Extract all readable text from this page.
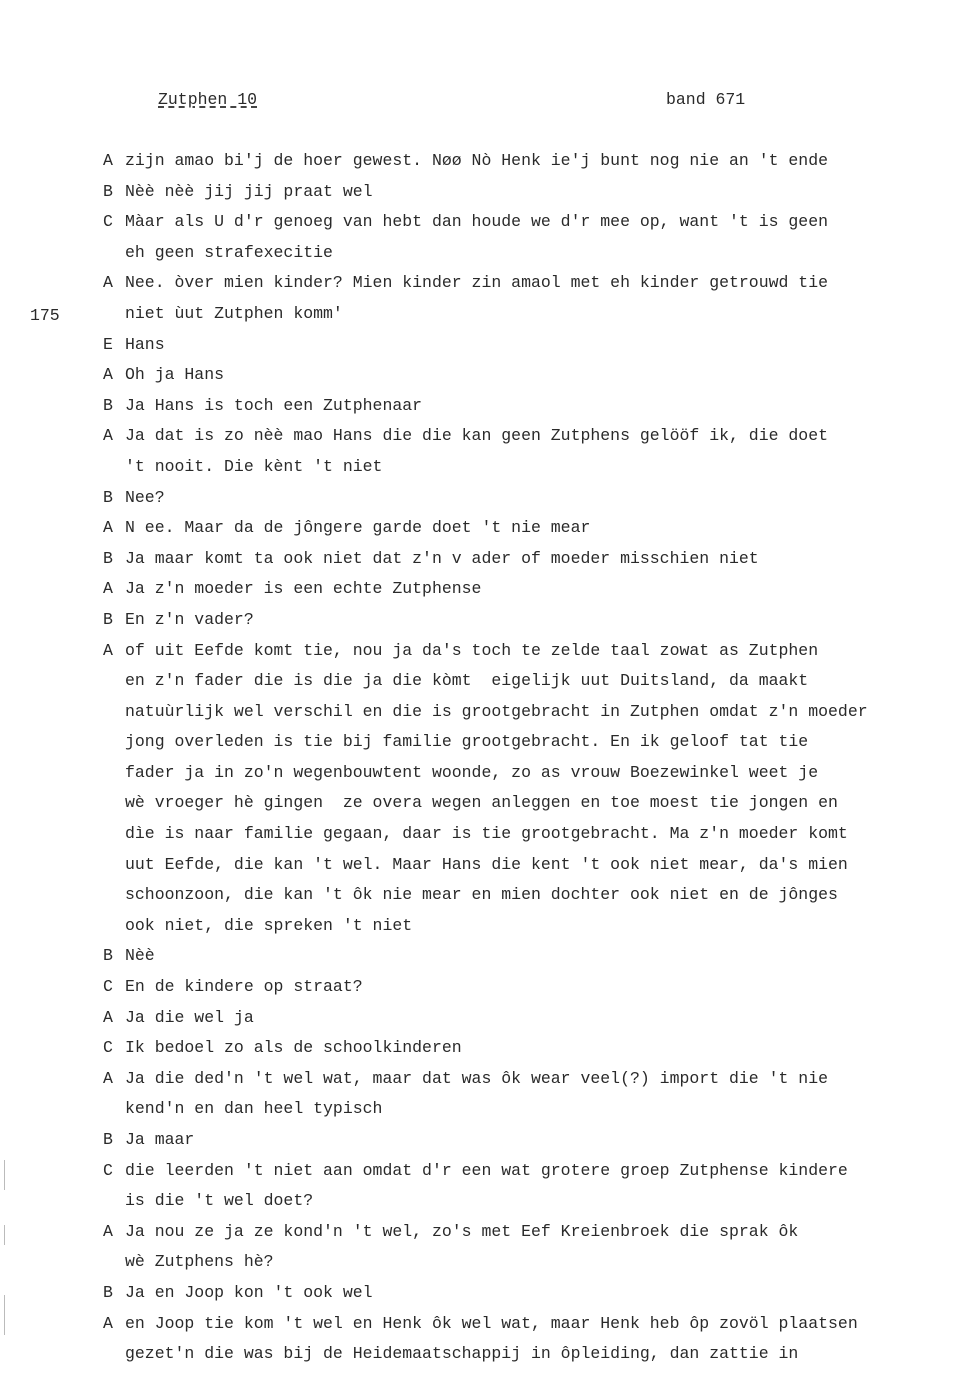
Zutphen 10	band 671
175
A zijn amao bi'j de hoer gewest. Nøø Nò Henk ie'j bunt nog nie an 't ende
B Nèè nèè jij jij praat wel
C Màar als U d'r genoeg van hebt dan houde we d'r mee op, want 't is geen
eh geen strafexecitie
A Nee. òver mien kinder? Mien kinder zin amaol met eh kinder getrouwd tie
niet ùut Zutphen komm'
E Hans
A Oh ja Hans
B Ja Hans is toch een Zutphenaar
A Ja dat is zo nèè mao Hans die die kan geen Zutphens gelööf ik, die doet
't nooit. Die kènt 't niet
B Nee?
A N ee. Maar da de jôngere garde doet 't nie mear
B Ja maar komt ta ook niet dat z'n v ader of moeder misschien niet
A Ja z'n moeder is een echte Zutphense
B En z'n vader?
A of uit Eefde komt tie, nou ja da's toch te zelde taal zowat as Zutphen
en z'n fader die is die ja die kòmt  eigelijk uut Duitsland, da maakt
natuùrlijk wel verschil en die is grootgebracht in Zutphen omdat z'n moeder
jong overleden is tie bij familie grootgebracht. En ik geloof tat tie
fader ja in zo'n wegenbouwtent woonde, zo as vrouw Boezewinkel weet je
wè vroeger hè gingen  ze overa wegen anleggen en toe moest tie jongen en
dìe is naar familie gegaan, daar is tie grootgebracht. Ma z'n moeder komt
uut Eefde, die kan 't wel. Maar Hans die kent 't ook niet mear, da's mien
schoonzoon, die kan 't ôk nie mear en mien dochter ook niet en de jônges
ook niet, die spreken 't niet
B Nèè
C En de kindere op straat?
A Ja die wel ja
C Ik bedoel zo als de schoolkinderen
A Ja die ded'n 't wel wat, maar dat was ôk wear veel(?) import die 't nie
kend'n en dan heel typisch
B Ja maar
C die leerden 't niet aan omdat d'r een wat grotere groep Zutphense kindere
is die 't wel doet?
A Ja nou ze ja ze kond'n 't wel, zo's met Eef Kreienbroek die sprak ôk
wè Zutphens hè?
B Ja en Joop kon 't ook wel
A en Joop tie kom 't wel en Henk ôk wel wat, maar Henk heb ôp zovöl plaatsen
gezet'n die was bij de Heidemaatschappij in ôpleiding, dan zattie in
